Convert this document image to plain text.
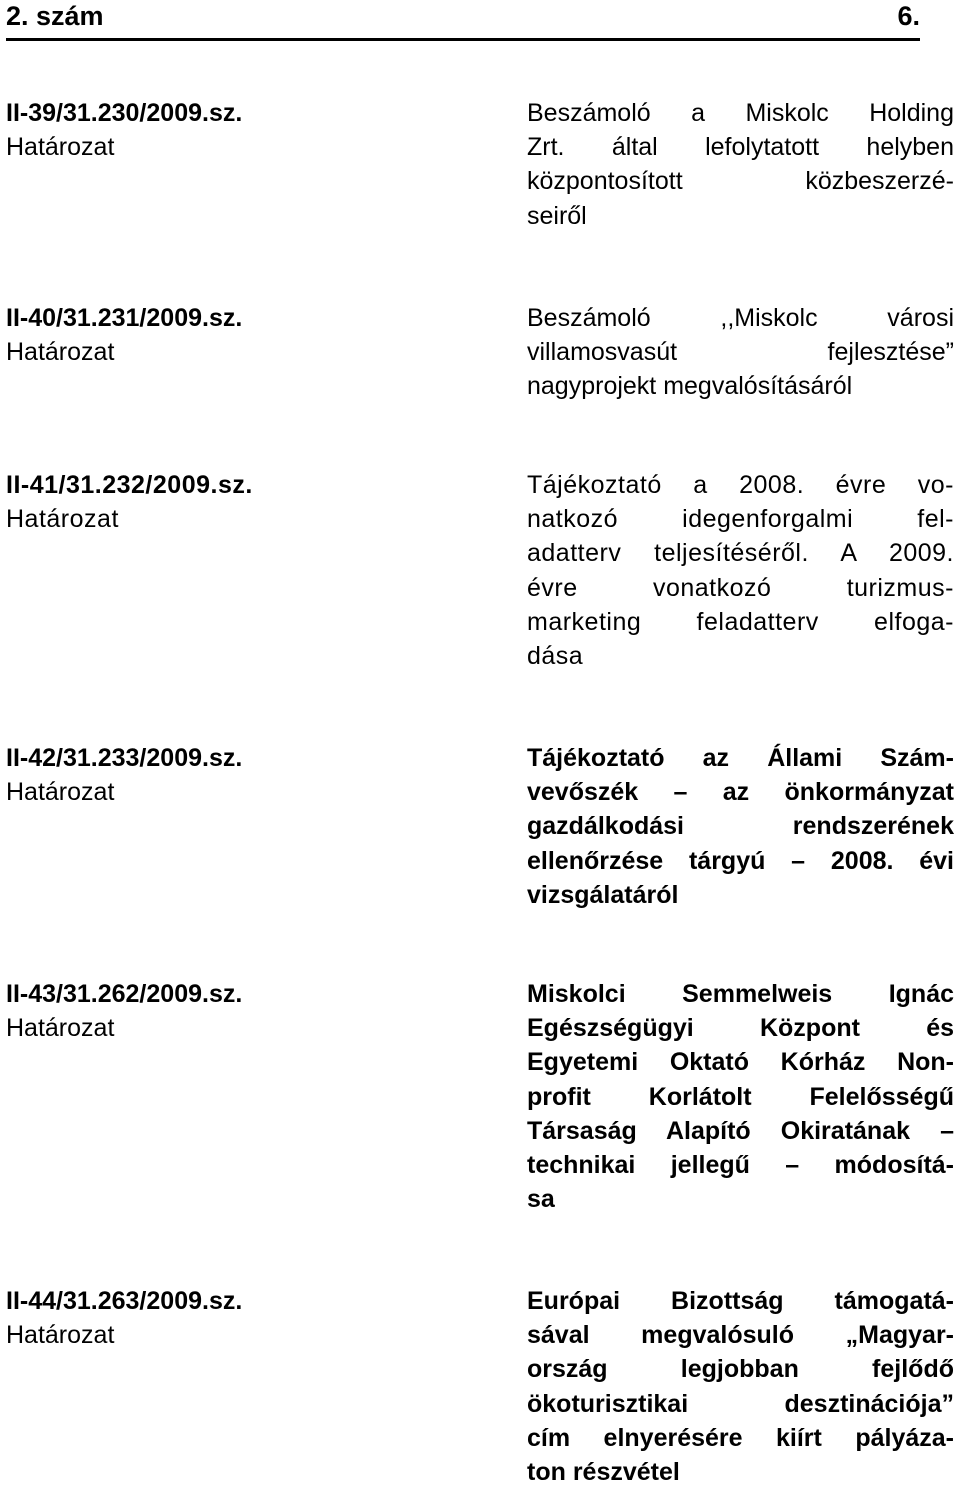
2. szám	6.
II-39/31.230/2009.sz.
Határozat
Beszámoló a Miskolc Holding
Zrt. által lefolytatott helyben
központosított közbeszerzé-
seiről
II-40/31.231/2009.sz.
Határozat
Beszámoló ,,Miskolc városi
villamosvasút fejlesztése”
nagyprojekt megvalósításáról
II-41/31.232/2009.sz.
Határozat
Tájékoztató a 2008. évre vo-
natkozó idegenforgalmi fel-
adatterv teljesítéséről. A 2009.
évre vonatkozó turizmus-
marketing feladatterv elfoga-
dása
II-42/31.233/2009.sz.
Határozat
Tájékoztató az Állami Szám-
vevőszék – az önkormányzat
gazdálkodási rendszerének
ellenőrzése tárgyú – 2008. évi
vizsgálatáról
II-43/31.262/2009.sz.
Határozat
Miskolci Semmelweis Ignác
Egészségügyi Központ és
Egyetemi Oktató Kórház Non-
profit Korlátolt Felelősségű
Társaság Alapító Okiratának –
technikai jellegű – módosítá-
sa
II-44/31.263/2009.sz.
Határozat
Európai Bizottság támogatá-
sával megvalósuló „Magyar-
ország legjobban fejlődő
ökoturisztikai desztinációja”
cím elnyerésére kiírt pályáza-
ton részvétel
